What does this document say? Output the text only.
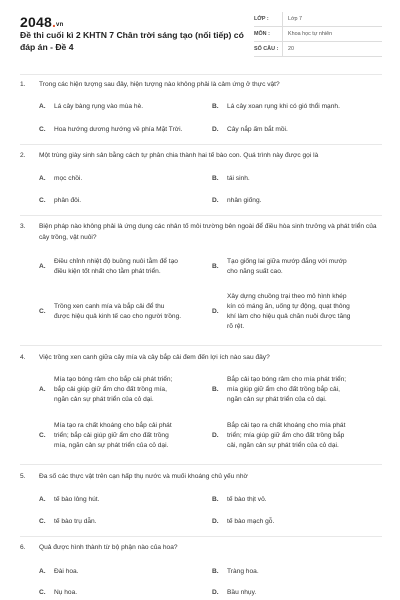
2048.vn
Đề thi cuối kì 2 KHTN 7 Chân trời sáng tạo (nối tiếp) có đáp án - Đề 4
LỚP :	Lớp 7
MÔN :	Khoa học tự nhiên
SỐ CÂU :	20
1. Trong các hiện tượng sau đây, hiện tượng nào không phải là cảm ứng ở thực vật?
A. Lá cây bàng rụng vào mùa hè.	B. Lá cây xoan rụng khi có gió thổi mạnh.
C. Hoa hướng dương hướng về phía Mặt Trời.	D. Cây nắp ấm bắt mồi.
2. Một trùng giày sinh sản bằng cách tự phân chia thành hai tế bào con. Quá trình này được gọi là
A. mọc chồi.	B. tái sinh.
C. phân đôi.	D. nhân giống.
3. Biện pháp nào không phải là ứng dụng các nhân tố môi trường bên ngoài để điều hòa sinh trưởng và phát triển của cây trồng, vật nuôi?
A.
Điều chỉnh nhiệt độ buồng nuôi tằm để tạo
điều kiện tốt nhất cho tằm phát triển.
B.
Tạo giống lai giữa mướp đắng với mướp
cho năng suất cao.
C.
Trồng xen canh mía và bắp cải để thu
được hiệu quả kinh tế cao cho người trồng.
D.
Xây dựng chuồng trại theo mô hình khép
kín có máng ăn, uống tự động, quạt thông
khí làm cho hiệu quả chăn nuôi được tăng
rõ rệt.
4. Việc trồng xen canh giữa cây mía và cây bắp cải đem đến lợi ích nào sau đây?
A.
Mía tạo bóng râm cho bắp cải phát triển;
bắp cải giúp giữ ẩm cho đất trồng mía,
ngăn cản sự phát triển của cỏ dại.
B.
Bắp cải tạo bóng râm cho mía phát triển;
mía giúp giữ ẩm cho đất trồng bắp cải,
ngăn cản sự phát triển của cỏ dại.
C.
Mía tạo ra chất khoáng cho bắp cải phát
triển; bắp cải giúp giữ ẩm cho đất trồng
mía, ngăn cản sự phát triển của cỏ dại.
D.
Bắp cải tạo ra chất khoáng cho mía phát
triển; mía giúp giữ ẩm cho đất trồng bắp
cải, ngăn cản sự phát triển của cỏ dại.
5. Đa số các thực vật trên cạn hấp thụ nước và muối khoáng chủ yếu nhờ
A. tế bào lông hút.	B. tế bào thịt vỏ.
C. tế bào trụ dẫn.	D. tế bào mạch gỗ.
6. Quả được hình thành từ bộ phận nào của hoa?
A. Đài hoa.	B. Tràng hoa.
C. Nụ hoa.	D. Bầu nhụy.
